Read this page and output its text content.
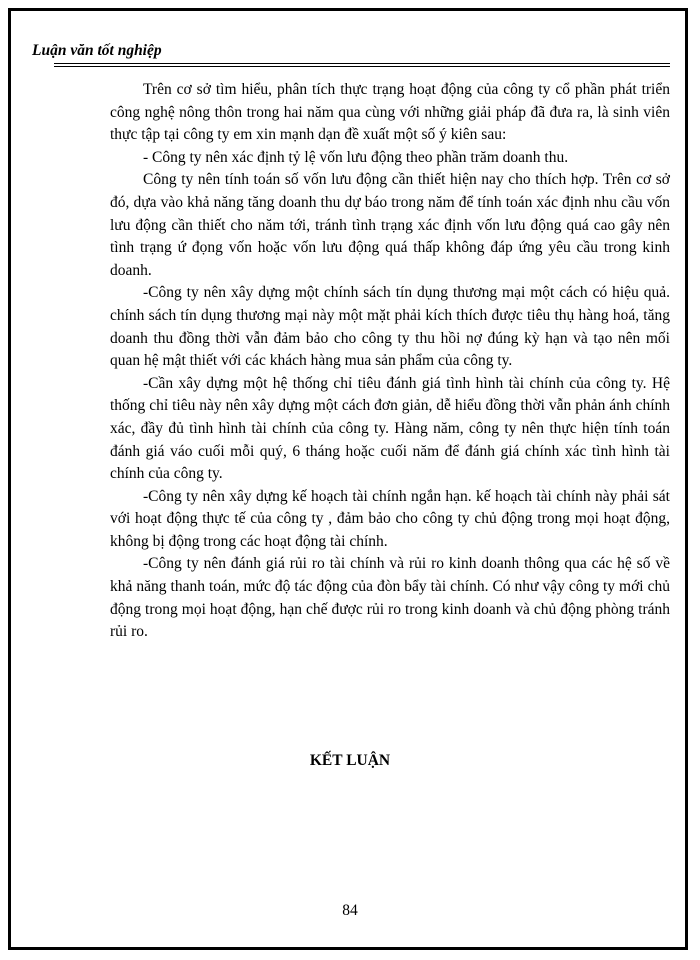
Luận văn tốt nghiệp

Trên cơ sở tìm hiểu, phân tích thực trạng hoạt động của công ty cổ phần phát triển công nghệ nông thôn trong hai năm qua cùng với những giải pháp đã đưa ra, là sinh viên thực tập tại công ty em xin mạnh dạn đề xuất một số ý kiên sau:

- Công ty nên xác định tỷ lệ vốn lưu động theo phần trăm doanh thu.

Công ty nên tính toán số vốn lưu động cần thiết hiện nay cho thích hợp. Trên cơ sở đó, dựa vào khả năng tăng doanh thu dự báo trong năm để tính toán xác định nhu cầu vốn lưu động cần thiết cho năm tới, tránh tình trạng xác định vốn lưu động quá cao gây nên tình trạng ứ đọng vốn hoặc vốn lưu động quá thấp không đáp ứng yêu cầu trong kinh doanh.

-Công ty nên xây dựng một chính sách tín dụng thương mại một cách có hiệu quả. chính sách tín dụng thương mại này một mặt phải kích thích được tiêu thụ hàng hoá, tăng doanh thu đồng thời vẫn đảm bảo cho công ty thu hồi nợ đúng kỳ hạn và tạo nên mối quan hệ mật thiết với các khách hàng mua sản phẩm của công ty.

-Cần xây dựng một hệ thống chỉ tiêu đánh giá tình hình tài chính của công ty. Hệ thống chỉ tiêu này nên xây dựng một cách đơn giản, dễ hiểu đồng thời vẫn phản ánh chính xác, đầy đủ tình hình tài chính của công ty. Hàng năm, công ty nên thực hiện tính toán đánh giá váo cuối mỗi quý, 6 tháng hoặc cuối năm để đánh giá chính xác tình hình tài chính của công ty.

-Công ty nên xây dựng kế hoạch tài chính ngắn hạn. kế hoạch tài chính này phải sát với hoạt động thực tế của công ty , đảm bảo cho công ty chủ động trong mọi hoạt động, không bị động trong các hoạt động tài chính.

-Công ty nên đánh giá rủi ro tài chính và rủi ro kinh doanh thông qua các hệ số về khả năng thanh toán, mức độ tác động của đòn bẩy tài chính. Có như vậy công ty mới chủ động trong mọi hoạt động, hạn chế được rủi ro trong kinh doanh và chủ động phòng tránh rủi ro.

KẾT LUẬN
84
